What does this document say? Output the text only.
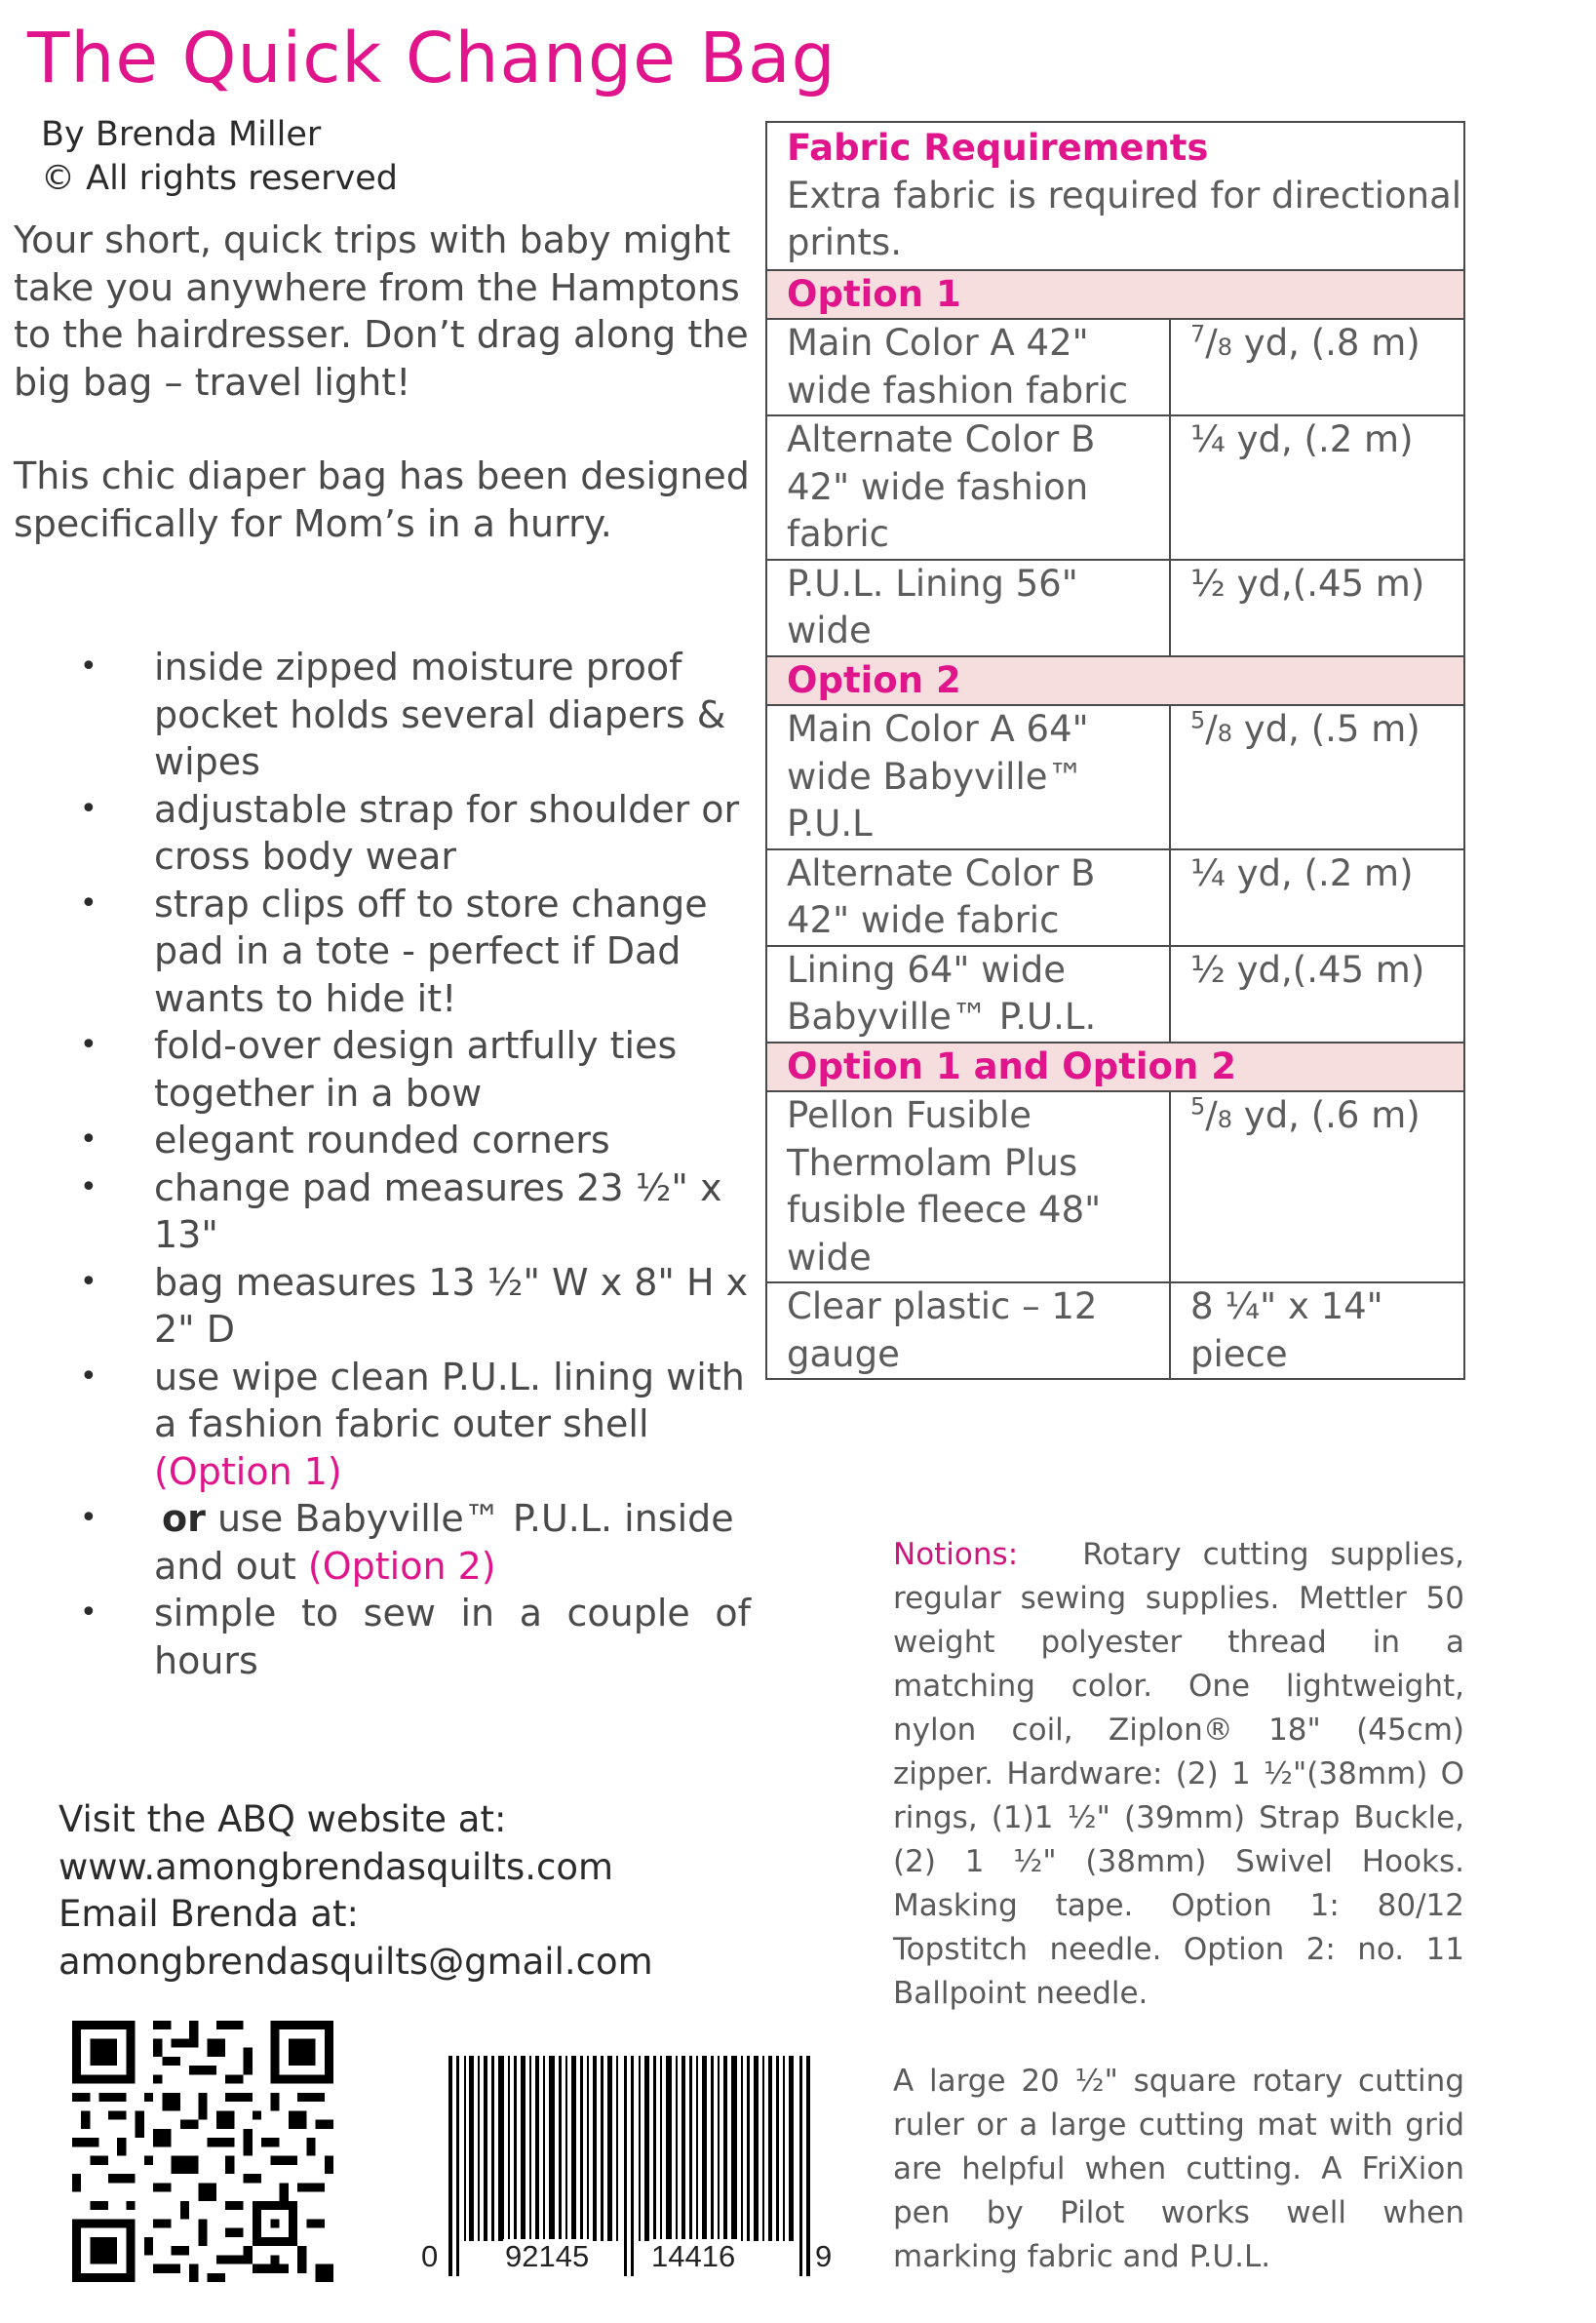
The Quick Change Bag
By Brenda Miller
© All rights reserved

Your short, quick trips with baby might take you anywhere from the Hamptons to the hairdresser. Don’t drag along the big bag – travel light!

This chic diaper bag has been designed specifically for Mom’s in a hurry.

• inside zipped moisture proof pocket holds several diapers & wipes
• adjustable strap for shoulder or cross body wear
• strap clips off to store change pad in a tote - perfect if Dad wants to hide it!
• fold-over design artfully ties together in a bow
• elegant rounded corners
• change pad measures 23 ½" x 13"
• bag measures 13 ½" W x 8" H x 2" D
• use wipe clean P.U.L. lining with a fashion fabric outer shell
(Option 1)
• or use Babyville™ P.U.L. inside and out (Option 2)
• simple to sew in a couple of hours
Visit the ABQ website at:
www.amongbrendasquilts.com
Email Brenda at:
amongbrendasquilts@gmail.com
Fabric Requirements
Extra fabric is required for directional prints.	

Option 1	
Main Color A 42" wide fashion fabric	$^7$/8 yd, (.8 m)
Alternate Color B 42" wide fashion fabric	¼ yd, (.2 m)
P.U.L. Lining 56" wide	½ yd,(.45 m)
Option 2	
Main Color A 64" wide Babyville™ P.U.L	$^5$/8 yd, (.5 m)
Alternate Color B 42" wide fabric	¼ yd, (.2 m)
Lining 64" wide Babyville™ P.U.L.	½ yd,(.45 m)
Option 1 and Option 2	
Pellon Fusible Thermolam Plus fusible fleece 48" wide	$^5$/8 yd, (.6 m)
Clear plastic – 12 gauge	8 ¼" x 14" piece

Notions:   Rotary cutting supplies, regular sewing supplies. Mettler 50 weight polyester thread in a matching color. One lightweight, nylon coil, Ziplon® 18" (45cm) zipper. Hardware: (2) 1 ½"(38mm) O rings, (1)1 ½" (39mm) Strap Buckle, (2) 1 ½" (38mm) Swivel Hooks. Masking tape. Option 1: 80/12 Topstitch needle. Option 2: no. 11 Ballpoint needle.

A large 20 ½" square rotary cutting ruler or a large cutting mat with grid are helpful when cutting. A FriXion pen by Pilot works well when marking fabric and P.U.L.

0 92145 14416	9
